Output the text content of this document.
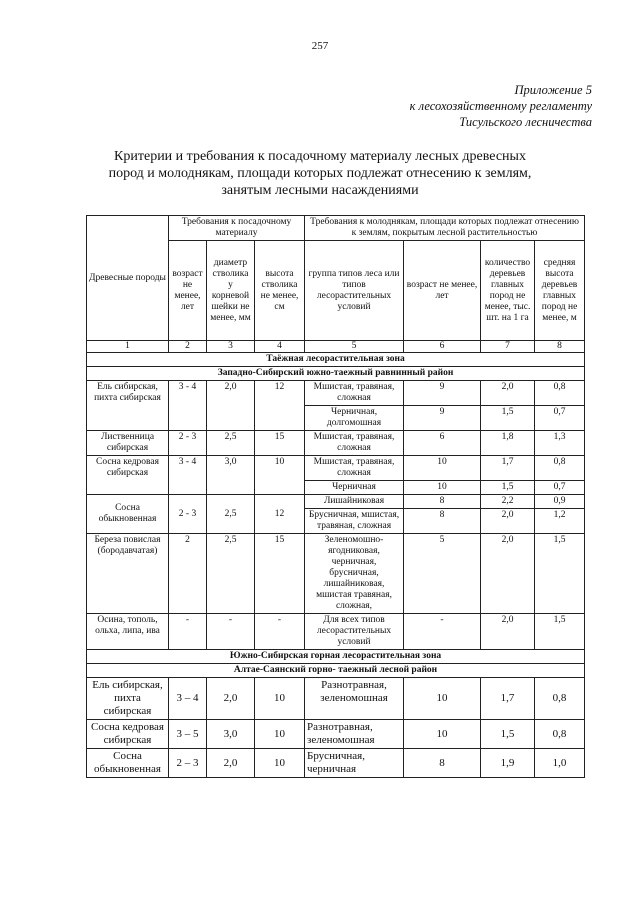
257
Приложение 5
к лесохозяйственному регламенту
Тисульского лесничества
Критерии и требования к посадочному материалу лесных древесных пород и молоднякам, площади которых подлежат отнесению к землям, занятым лесными насаждениями
Древесные породы	Требования к посадочному материалу			Требования к молоднякам, площади которых подлежат отнесению к землям, покрытым лесной растительностью			
	возраст не менее, лет	диаметр стволика у корневой шейки не менее, мм	высота стволика не менее, см	группа типов леса или типов лесорастительных условий	возраст не менее, лет	количество деревьев главных пород не менее, тыс. шт. на 1 га	средняя высота деревьев главных пород не менее, м
1	2	3	4	5	6	7	8
Таёжная лесорастительная зона							
Западно-Сибирский южно-таежный равнинный район							
Ель сибирская, пихта сибирская	3 - 4	2,0	12	Мшистая, травяная, сложная	9	2,0	0,8
				Черничная, долгомошная	9	1,5	0,7
Лиственница сибирская	2 - 3	2,5	15	Мшистая, травяная, сложная	6	1,8	1,3
Сосна кедровая сибирская	3 - 4	3,0	10	Мшистая, травяная, сложная	10	1,7	0,8
				Черничная	10	1,5	0,7
Сосна обыкновенная	2 - 3	2,5	12	Лишайниковая	8	2,2	0,9
				Брусничная, мшистая, травяная, сложная	8	2,0	1,2
Береза повислая (бородавчатая)	2	2,5	15	Зеленомошно-ягодниковая, черничная, брусничная, лишайниковая, мшистая травяная, сложная,	5	2,0	1,5
Осина, тополь, ольха, липа, ива	-	-	-	Для всех типов лесорастительных условий	-	2,0	1,5
Южно-Сибирская горная лесорастительная зона							
Алтае-Саянский горно- таежный лесной район							
Ель сибирская, пихта сибирская	3 – 4	2,0	10	Разнотравная, зеленомошная	10	1,7	0,8
Сосна кедровая сибирская	3 – 5	3,0	10	Разнотравная, зеленомошная	10	1,5	0,8
Сосна обыкновенная	2 – 3	2,0	10	Брусничная, черничная	8	1,9	1,0
